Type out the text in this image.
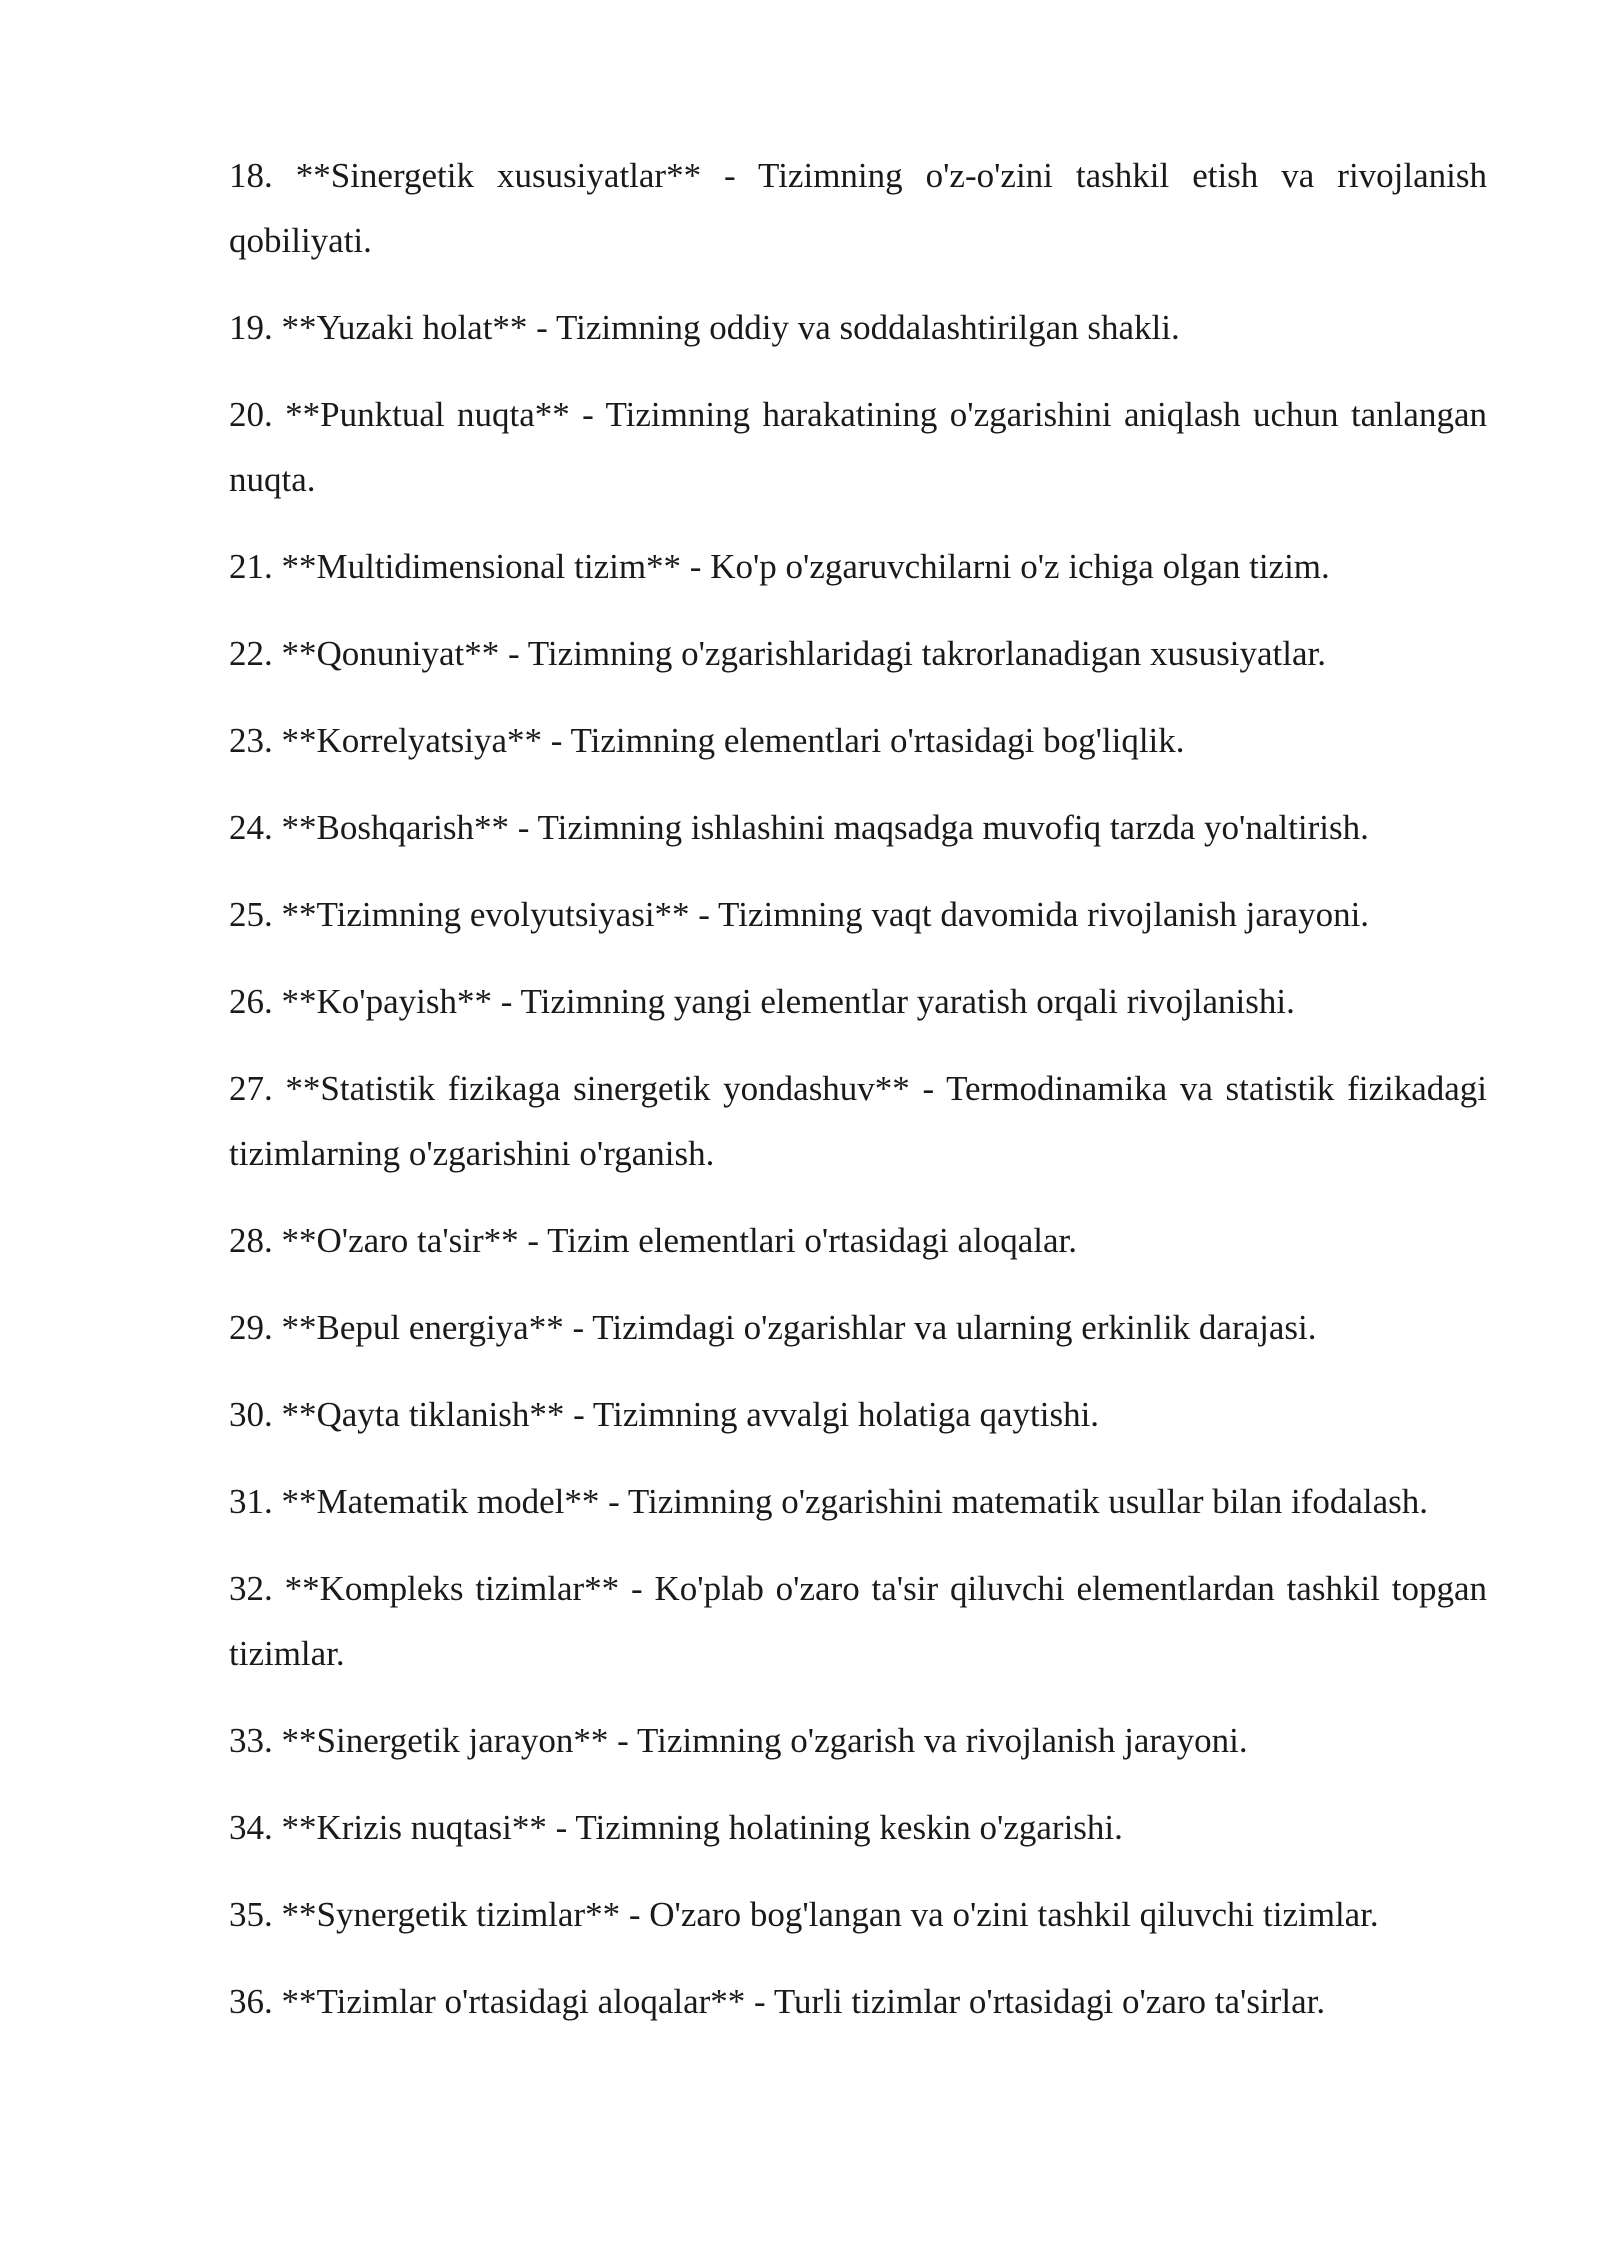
18. **Sinergetik xususiyatlar** - Tizimning o'z-o'zini tashkil etish va rivojlanish qobiliyati.

19. **Yuzaki holat** - Tizimning oddiy va soddalashtirilgan shakli.

20. **Punktual nuqta** - Tizimning harakatining o'zgarishini aniqlash uchun tanlangan nuqta.

21. **Multidimensional tizim** - Ko'p o'zgaruvchilarni o'z ichiga olgan tizim.

22. **Qonuniyat** - Tizimning o'zgarishlaridagi takrorlanadigan xususiyatlar.

23. **Korrelyatsiya** - Tizimning elementlari o'rtasidagi bog'liqlik.

24. **Boshqarish** - Tizimning ishlashini maqsadga muvofiq tarzda yo'naltirish.

25. **Tizimning evolyutsiyasi** - Tizimning vaqt davomida rivojlanish jarayoni.

26. **Ko'payish** - Tizimning yangi elementlar yaratish orqali rivojlanishi.

27. **Statistik fizikaga sinergetik yondashuv** - Termodinamika va statistik fizikadagi tizimlarning o'zgarishini o'rganish.

28. **O'zaro ta'sir** - Tizim elementlari o'rtasidagi aloqalar.

29. **Bepul energiya** - Tizimdagi o'zgarishlar va ularning erkinlik darajasi.

30. **Qayta tiklanish** - Tizimning avvalgi holatiga qaytishi.

31. **Matematik model** - Tizimning o'zgarishini matematik usullar bilan ifodalash.

32. **Kompleks tizimlar** - Ko'plab o'zaro ta'sir qiluvchi elementlardan tashkil topgan tizimlar.

33. **Sinergetik jarayon** - Tizimning o'zgarish va rivojlanish jarayoni.

34. **Krizis nuqtasi** - Tizimning holatining keskin o'zgarishi.

35. **Synergetik tizimlar** - O'zaro bog'langan va o'zini tashkil qiluvchi tizimlar.

36. **Tizimlar o'rtasidagi aloqalar** - Turli tizimlar o'rtasidagi o'zaro ta'sirlar.
